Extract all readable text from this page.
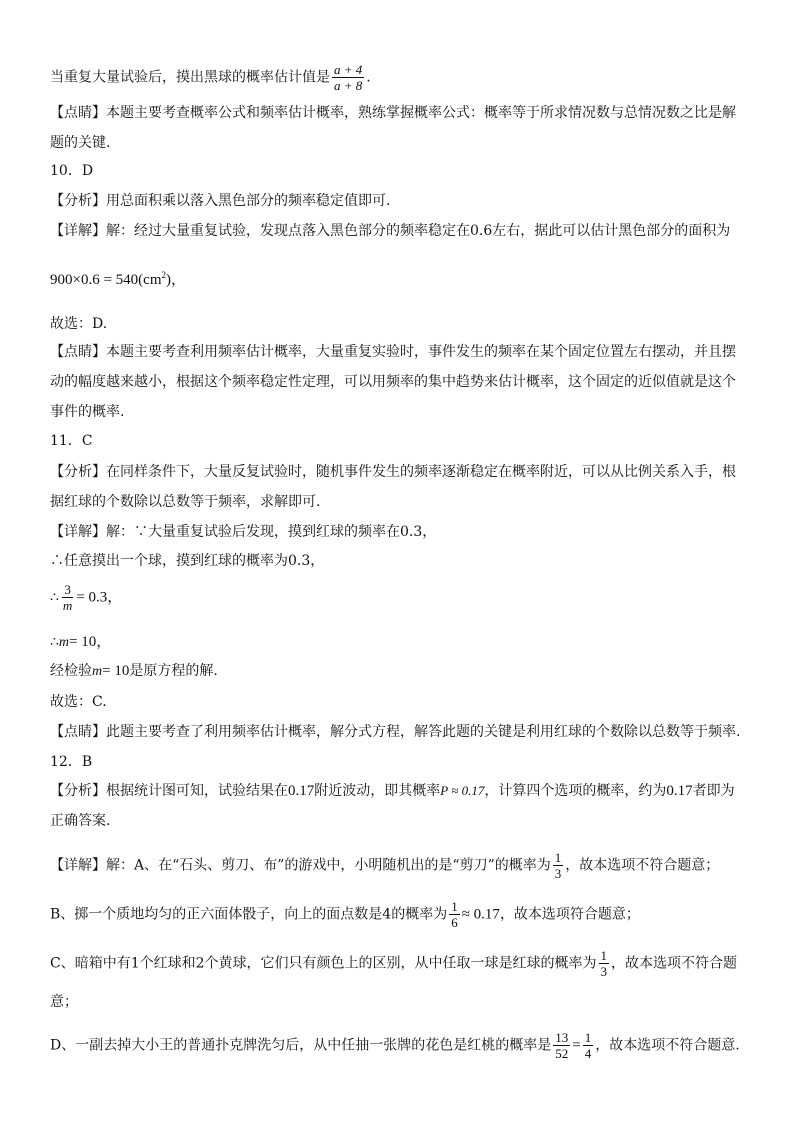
当重复大量试验后，摸出黑球的概率估计值是 $\frac{a + 4}{a + 8}$ .
【点睛】本题主要考查概率公式和频率估计概率，熟练掌握概率公式：概率等于所求情况数与总情况数之比是解
题的关键.
10．D
【分析】用总面积乘以落入黑色部分的频率稳定值即可.
【详解】解：经过大量重复试验，发现点落入黑色部分的频率稳定在0.6左右，据此可以估计黑色部分的面积为
$900\times 0.6 = 540(cm^2)$，
故选：D.
【点睛】本题主要考查利用频率估计概率，大量重复实验时，事件发生的频率在某个固定位置左右摆动，并且摆
动的幅度越来越小，根据这个频率稳定性定理，可以用频率的集中趋势来估计概率，这个固定的近似值就是这个
事件的概率.
11．C
【分析】在同样条件下，大量反复试验时，随机事件发生的频率逐渐稳定在概率附近，可以从比例关系入手，根
据红球的个数除以总数等于频率，求解即可.
【详解】解：∵大量重复试验后发现，摸到红球的频率在0.3，
∴任意摸出一个球，摸到红球的概率为0.3，
∴ $\frac{3}{m} = 0.3$，
∴m= 10，
经检验m= 10是原方程的解.
故选：C.
【点睛】此题主要考查了利用频率估计概率，解分式方程，解答此题的关键是利用红球的个数除以总数等于频率.
12．B
【分析】根据统计图可知，试验结果在0.17附近波动，即其概率P ≈ 0.17，计算四个选项的概率，约为0.17者即为
正确答案.
【详解】解：A、在“石头、剪刀、布”的游戏中，小明随机出的是“剪刀”的概率为 $\frac{1}{3}$ ，故本选项不符合题意；
B、掷一个质地均匀的正六面体骰子，向上的面点数是4的概率为 $\frac{1}{6} \approx 0.17$，故本选项符合题意；
C、暗箱中有1个红球和2个黄球，它们只有颜色上的区别，从中任取一球是红球的概率为 $\frac{1}{3}$ ，故本选项不符合题
意；
D、一副去掉大小王的普通扑克牌洗匀后，从中任抽一张牌的花色是红桃的概率是 $\frac{13}{52} = \frac{1}{4}$ ，故本选项不符合题意.
